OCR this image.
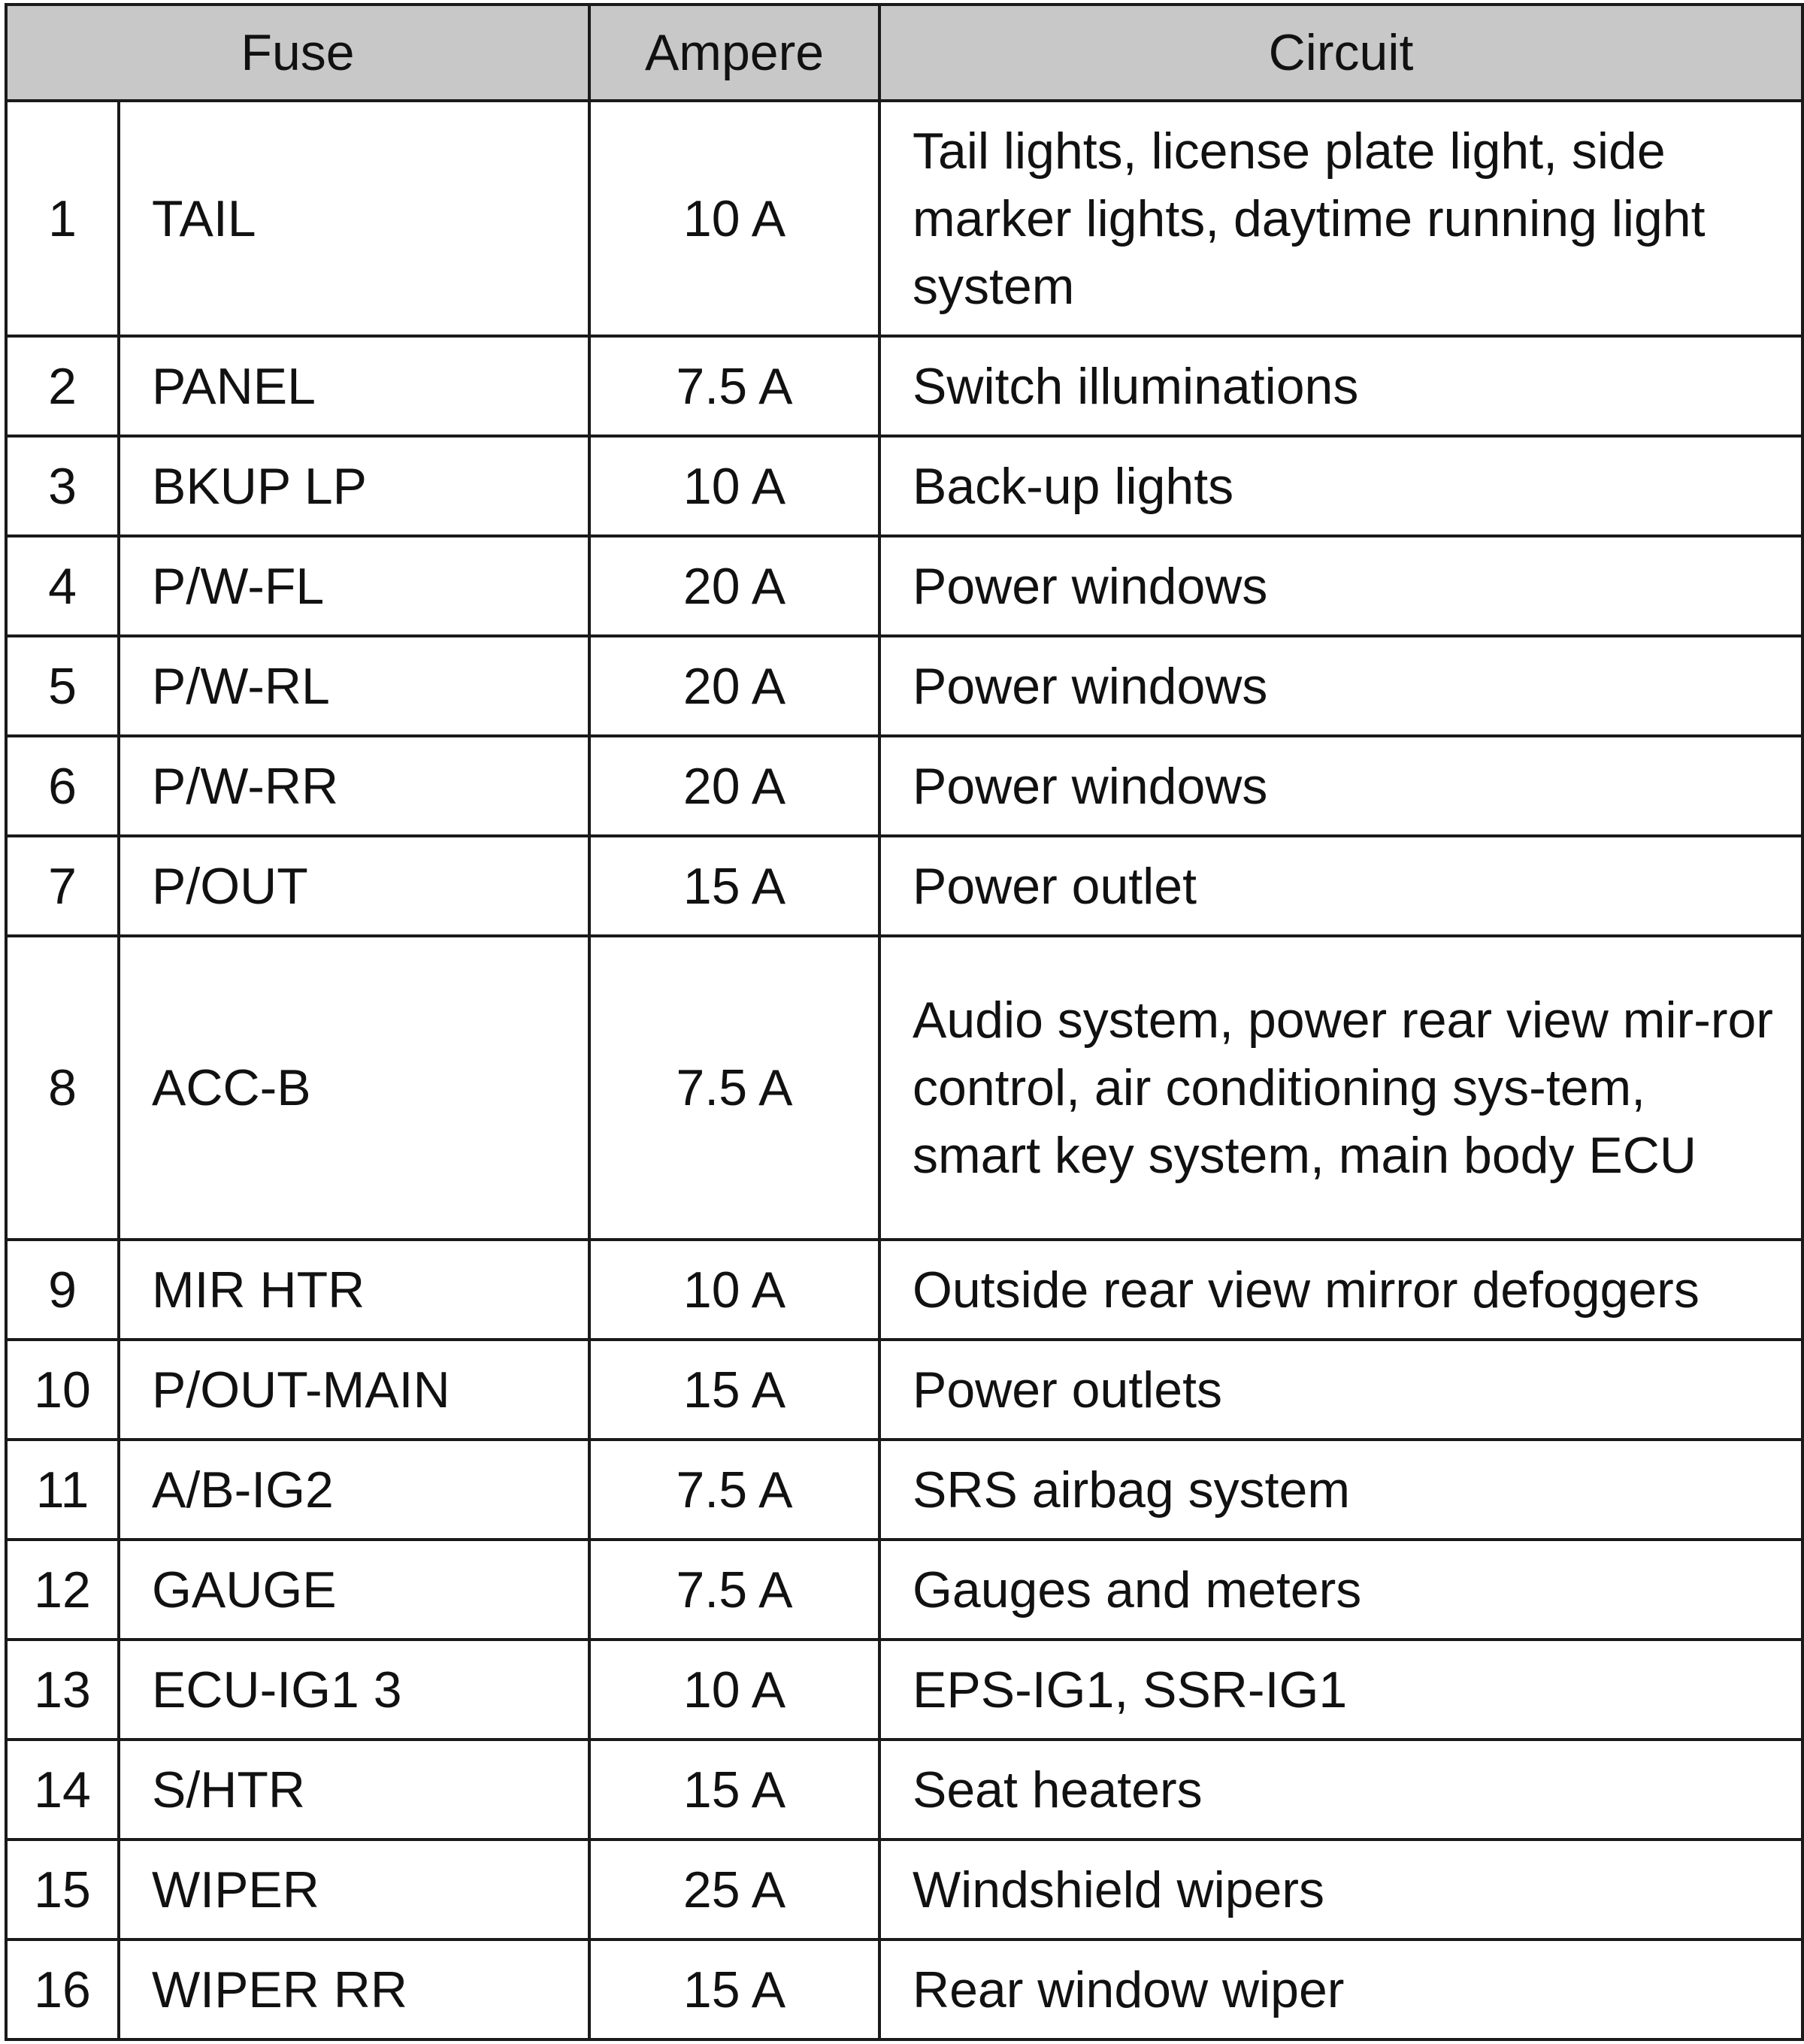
Fuse		Ampere	Circuit
1	TAIL	10 A	Tail lights, license plate light, side marker lights, daytime running light system
2	PANEL	7.5 A	Switch illuminations
3	BKUP LP	10 A	Back-up lights
4	P/W-FL	20 A	Power windows
5	P/W-RL	20 A	Power windows
6	P/W-RR	20 A	Power windows
7	P/OUT	15 A	Power outlet
8	ACC-B	7.5 A	Audio system, power rear view mir-ror control, air conditioning sys-tem, smart key system, main body ECU
9	MIR HTR	10 A	Outside rear view mirror defoggers
10	P/OUT-MAIN	15 A	Power outlets
11	A/B-IG2	7.5 A	SRS airbag system
12	GAUGE	7.5 A	Gauges and meters
13	ECU-IG1 3	10 A	EPS-IG1, SSR-IG1
14	S/HTR	15 A	Seat heaters
15	WIPER	25 A	Windshield wipers
16	WIPER RR	15 A	Rear window wiper
